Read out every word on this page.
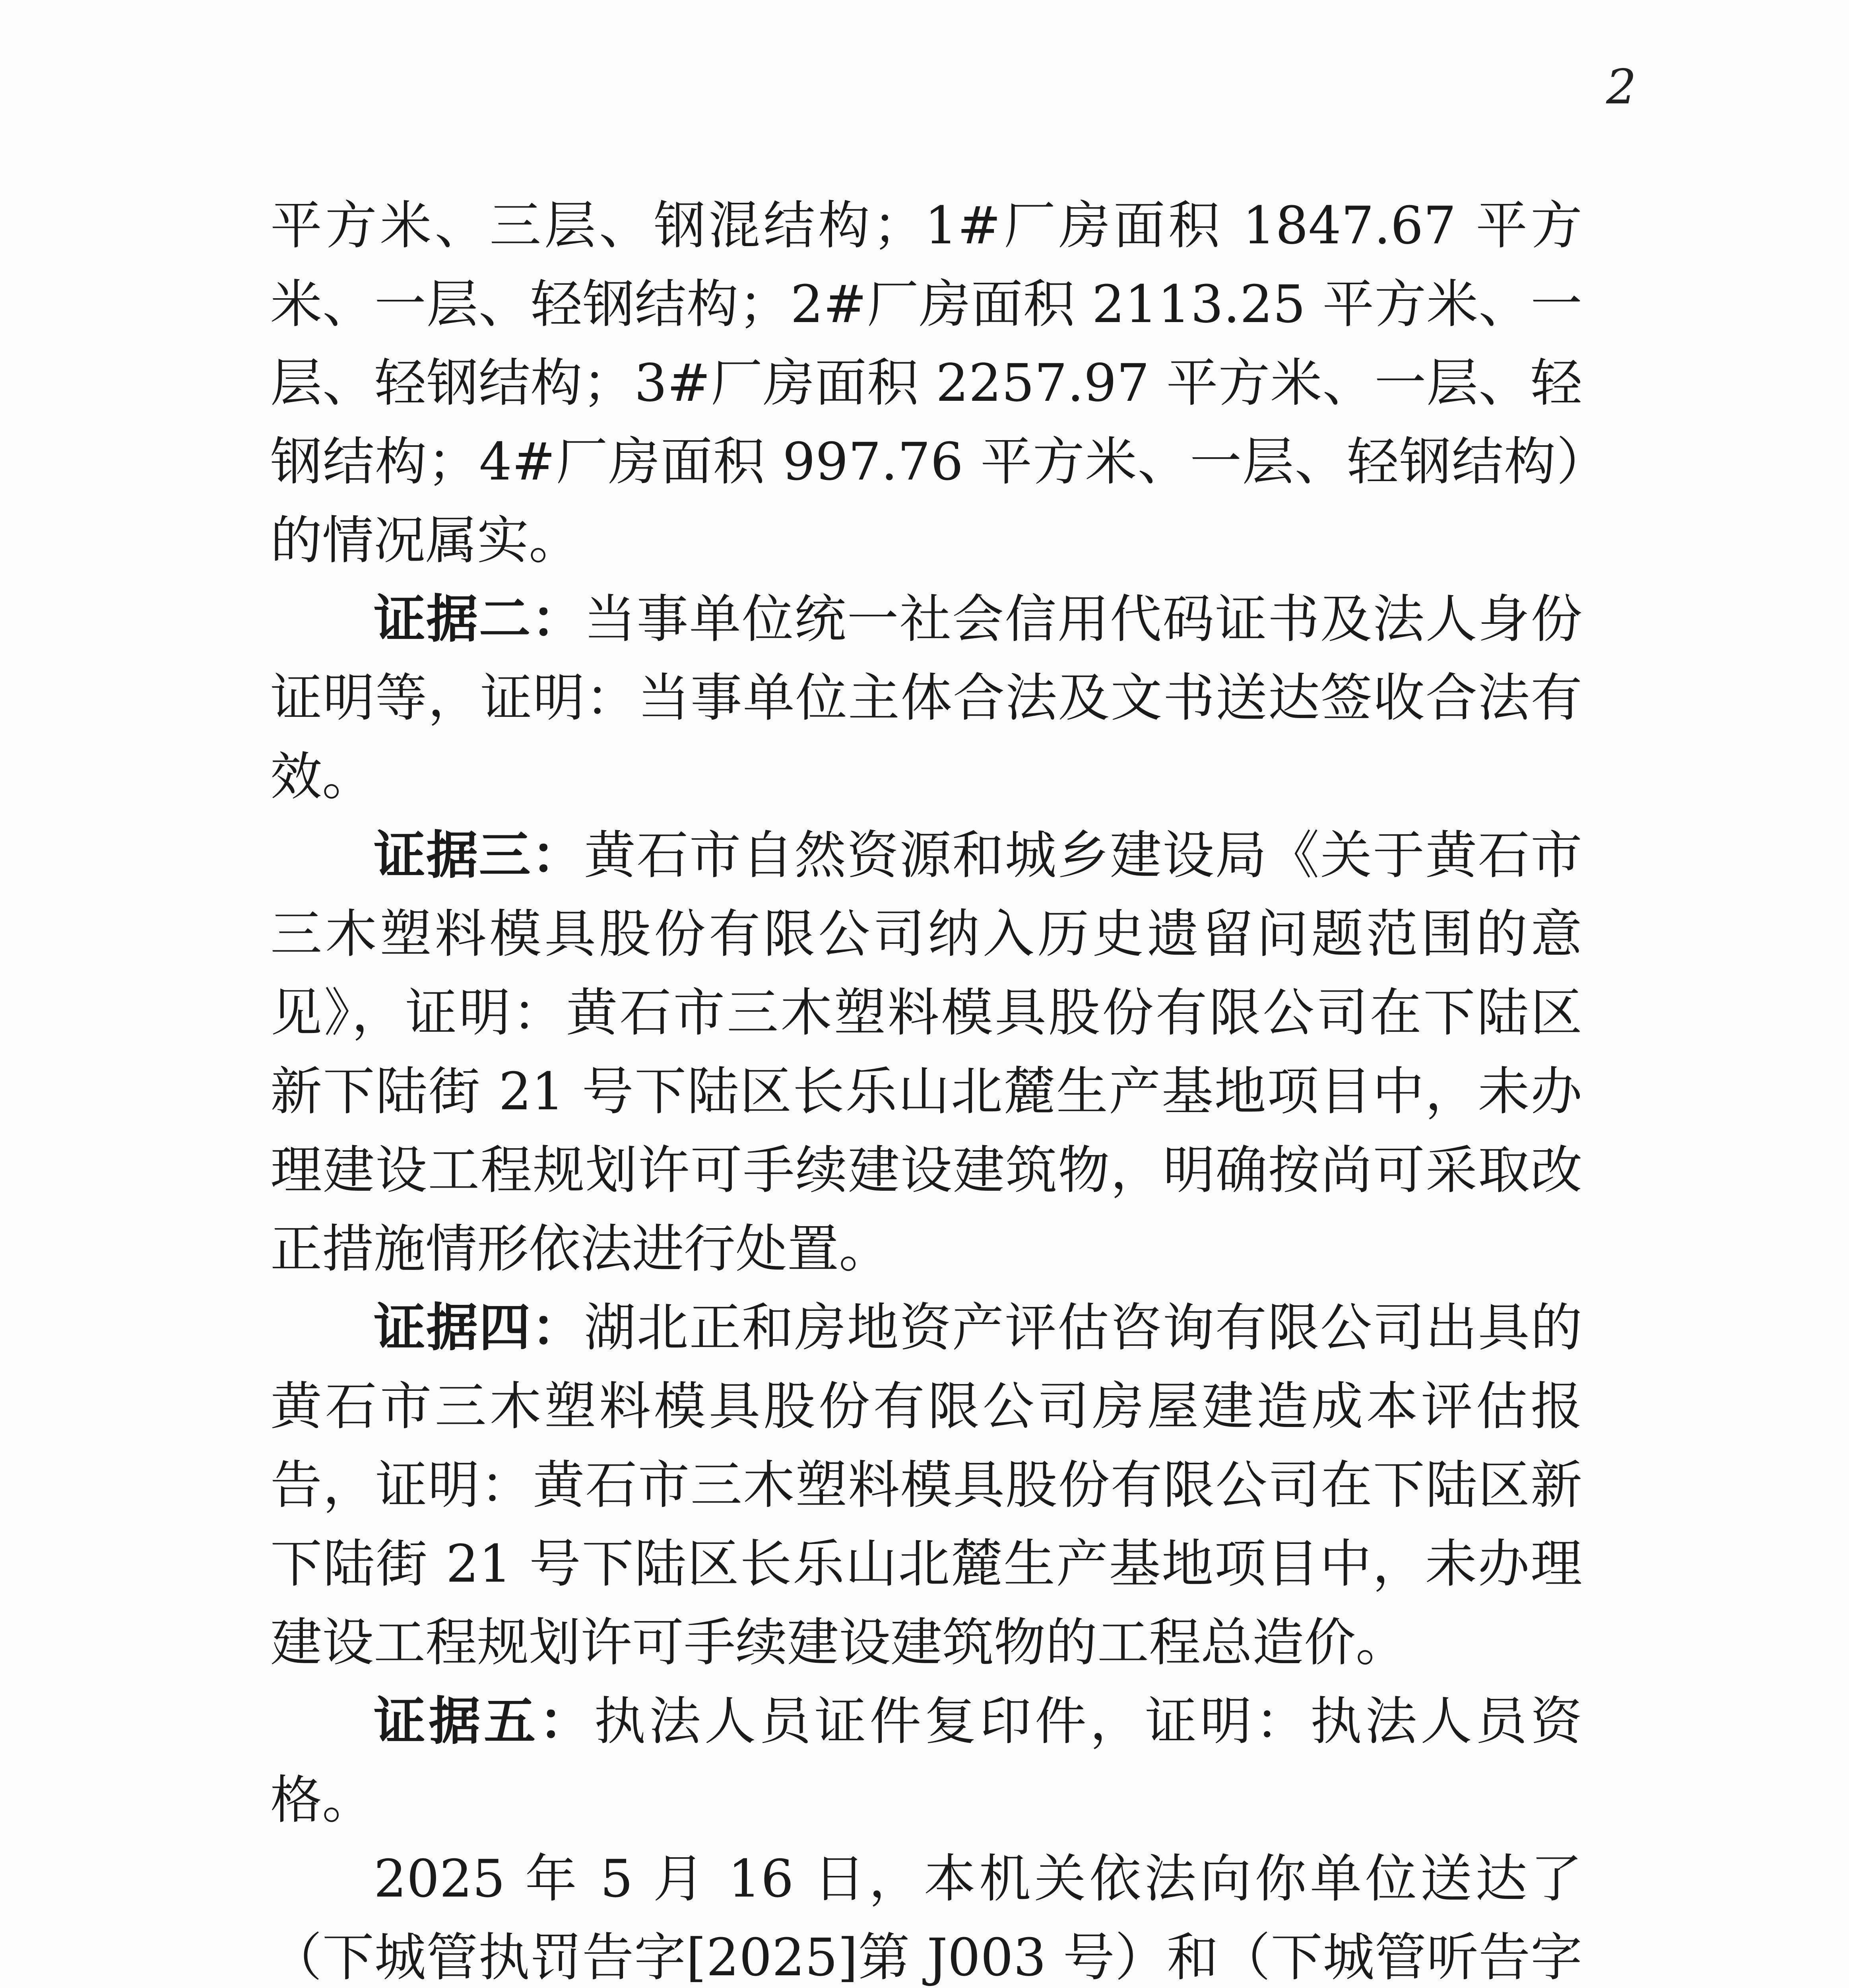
2

平方米、三层、钢混结构；1#厂房面积 1847.67 平方米、一层、轻钢结构；2#厂房面积 2113.25 平方米、一层、轻钢结构；3#厂房面积 2257.97 平方米、一层、轻钢结构；4#厂房面积 997.76 平方米、一层、轻钢结构）的情况属实。

证据二：当事单位统一社会信用代码证书及法人身份证明等，证明：当事单位主体合法及文书送达签收合法有效。

证据三：黄石市自然资源和城乡建设局《关于黄石市三木塑料模具股份有限公司纳入历史遗留问题范围的意见》，证明：黄石市三木塑料模具股份有限公司在下陆区新下陆街 21 号下陆区长乐山北麓生产基地项目中，未办理建设工程规划许可手续建设建筑物，明确按尚可采取改正措施情形依法进行处置。

证据四：湖北正和房地资产评估咨询有限公司出具的黄石市三木塑料模具股份有限公司房屋建造成本评估报告，证明：黄石市三木塑料模具股份有限公司在下陆区新下陆街 21 号下陆区长乐山北麓生产基地项目中，未办理建设工程规划许可手续建设建筑物的工程总造价。

证据五：执法人员证件复印件，证明：执法人员资格。

2025 年 5 月 16 日，本机关依法向你单位送达了（下城管执罚告字[2025]第 J003 号）和（下城管听告字
